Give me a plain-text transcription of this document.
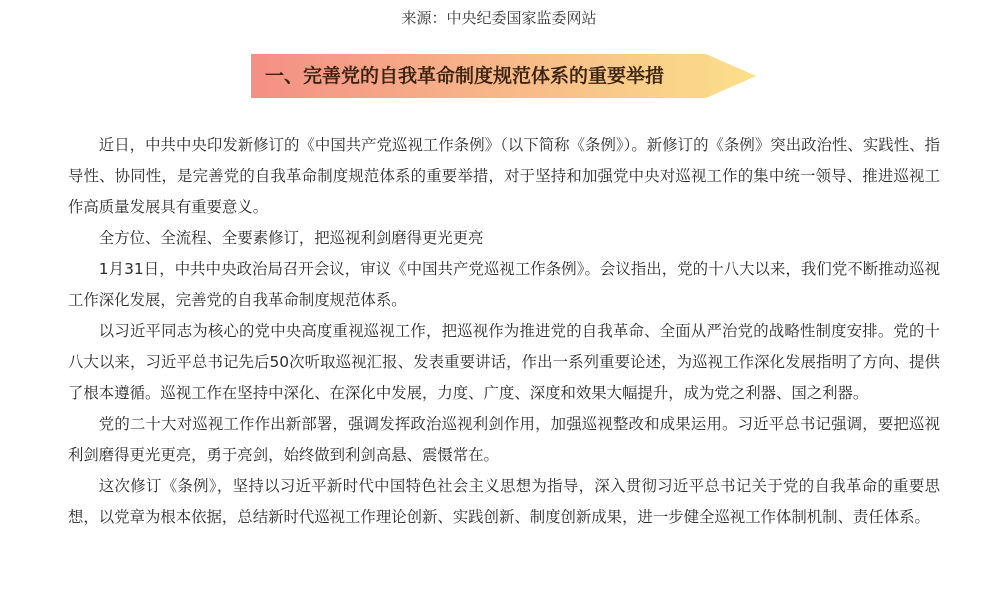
来源：中央纪委国家监委网站
一、完善党的自我革命制度规范体系的重要举措

近日，中共中央印发新修订的《中国共产党巡视工作条例》（以下简称《条例》）。新修订的《条例》突出政治性、实践性、指导性、协同性，是完善党的自我革命制度规范体系的重要举措，对于坚持和加强党中央对巡视工作的集中统一领导、推进巡视工作高质量发展具有重要意义。

全方位、全流程、全要素修订，把巡视利剑磨得更光更亮

1月31日，中共中央政治局召开会议，审议《中国共产党巡视工作条例》。会议指出，党的十八大以来，我们党不断推动巡视工作深化发展，完善党的自我革命制度规范体系。

以习近平同志为核心的党中央高度重视巡视工作，把巡视作为推进党的自我革命、全面从严治党的战略性制度安排。党的十八大以来，习近平总书记先后50次听取巡视汇报、发表重要讲话，作出一系列重要论述，为巡视工作深化发展指明了方向、提供了根本遵循。巡视工作在坚持中深化、在深化中发展，力度、广度、深度和效果大幅提升，成为党之利器、国之利器。

党的二十大对巡视工作作出新部署，强调发挥政治巡视利剑作用，加强巡视整改和成果运用。习近平总书记强调，要把巡视利剑磨得更光更亮，勇于亮剑，始终做到利剑高悬、震慑常在。

这次修订《条例》，坚持以习近平新时代中国特色社会主义思想为指导，深入贯彻习近平总书记关于党的自我革命的重要思想，以党章为根本依据，总结新时代巡视工作理论创新、实践创新、制度创新成果，进一步健全巡视工作体制机制、责任体系。
